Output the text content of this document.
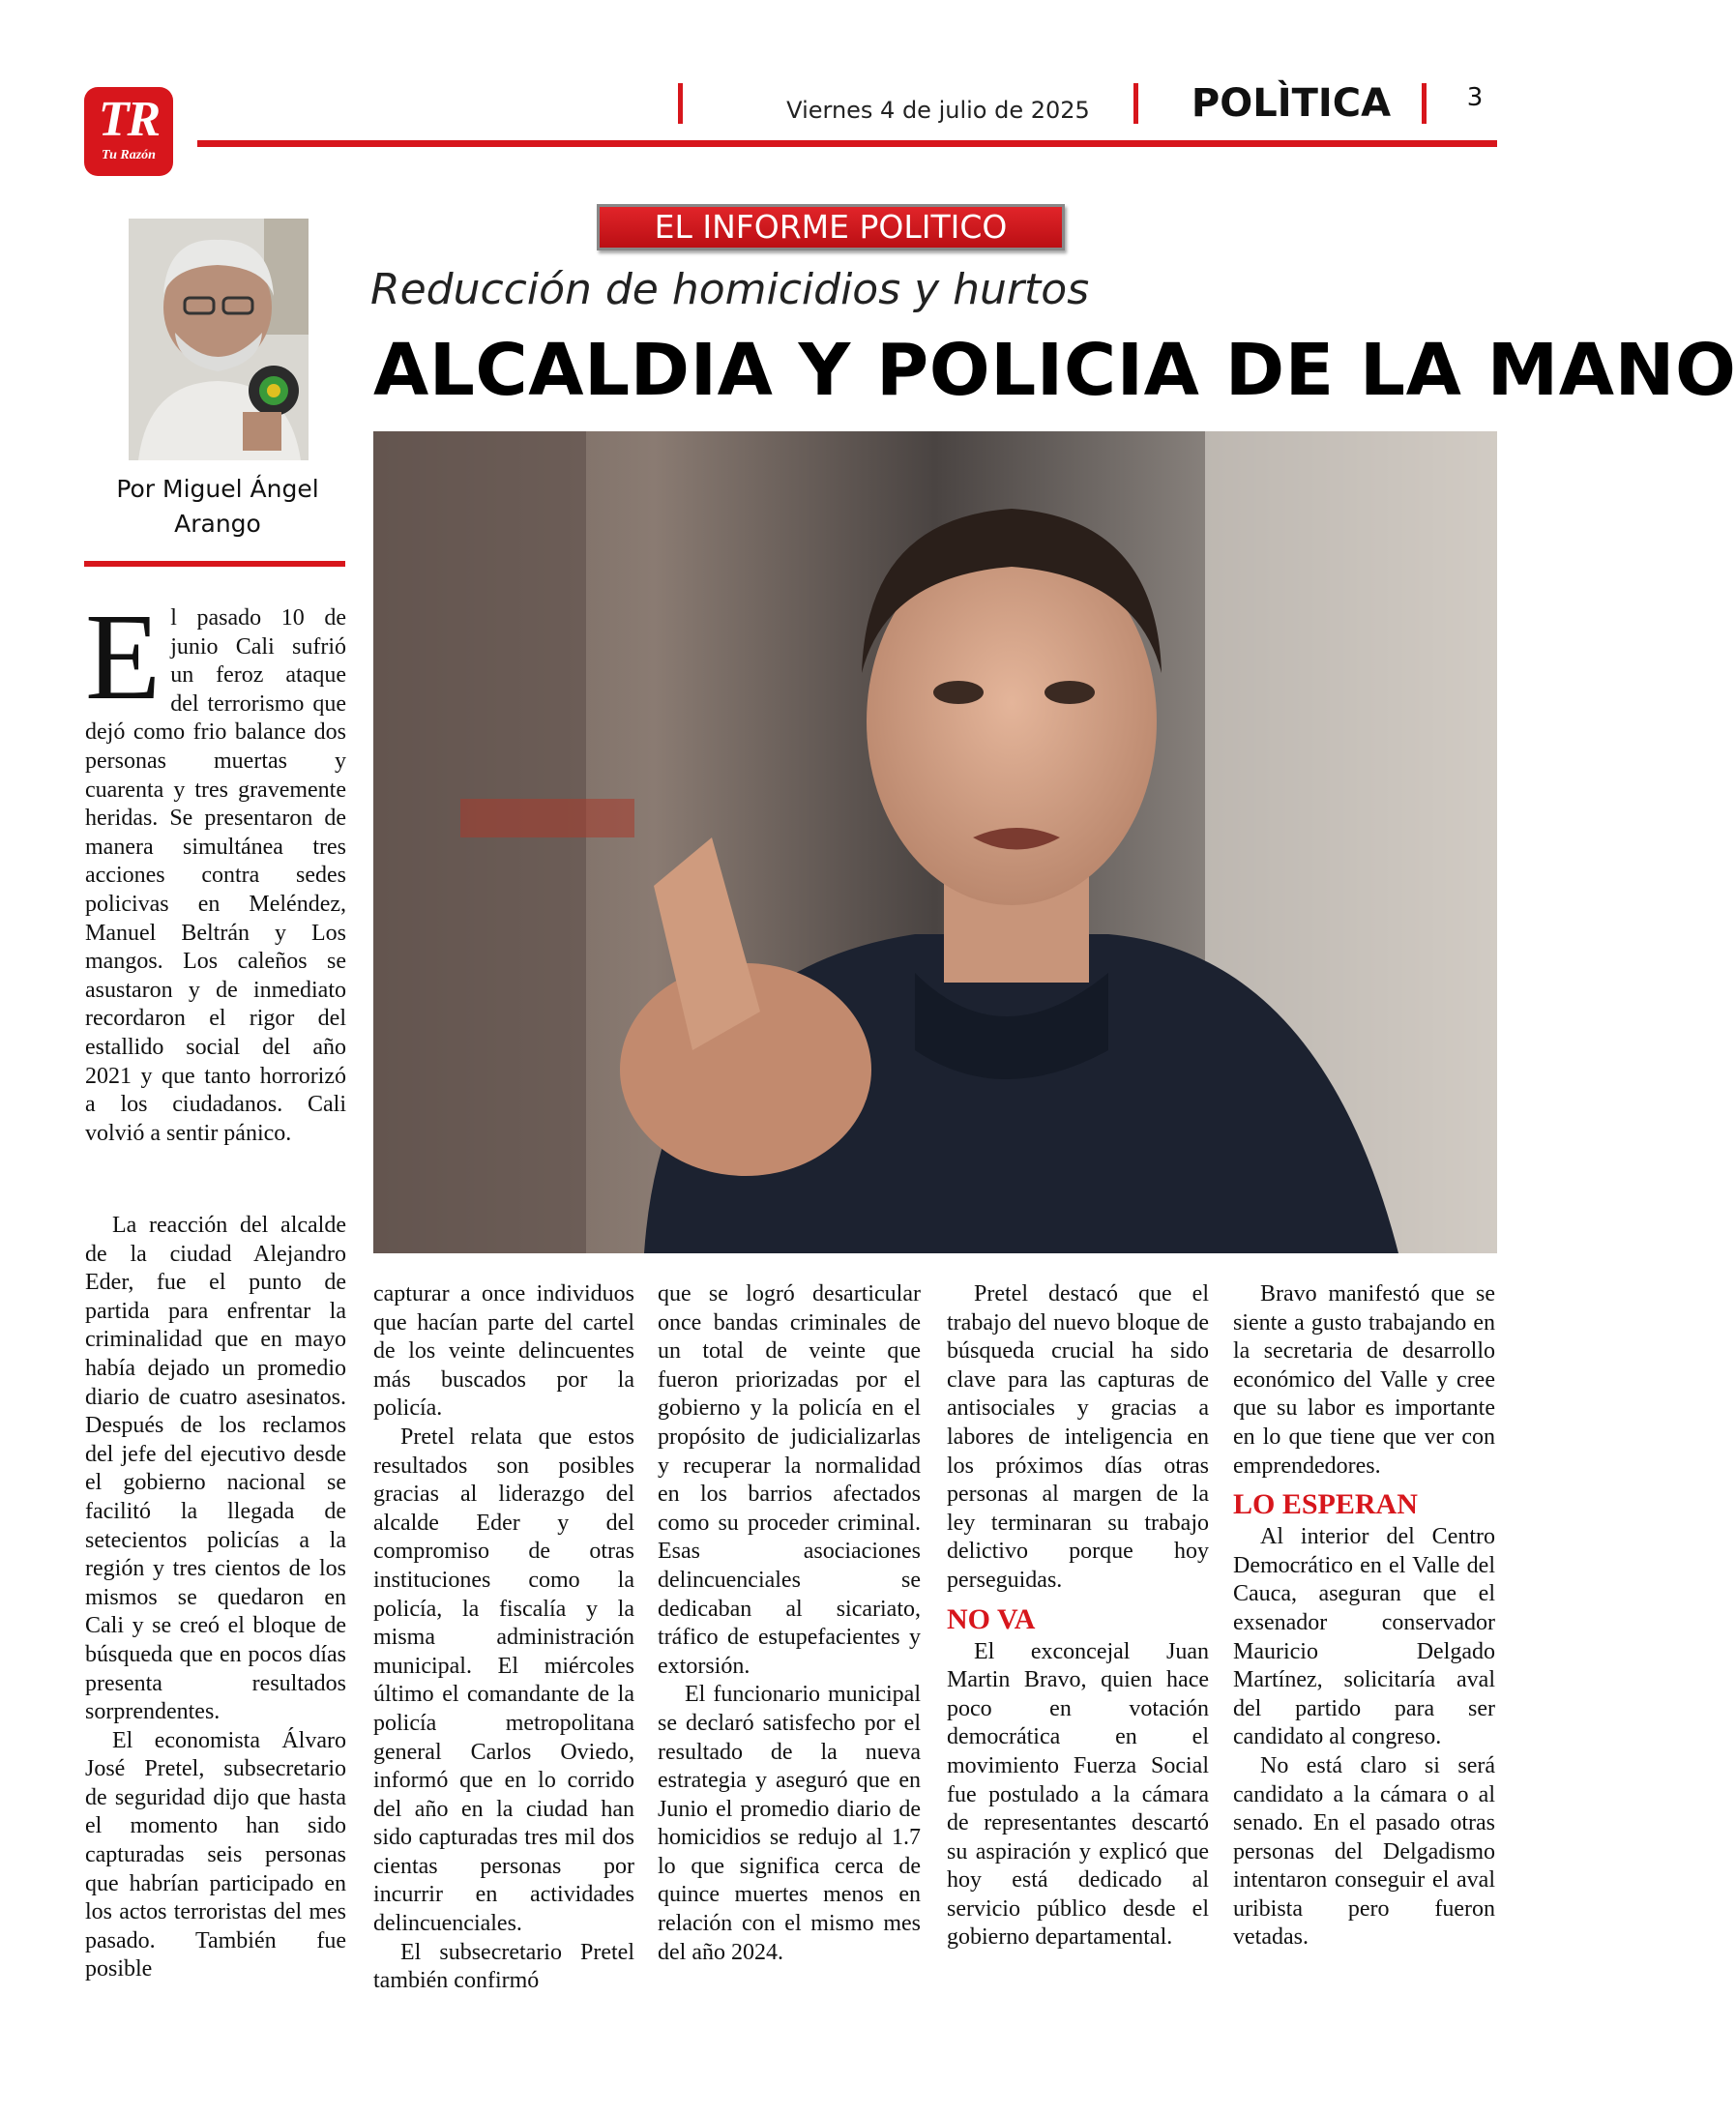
TR
Tu Razón
Viernes 4 de julio de 2025	POLÌTICA	3
Por Miguel Ángel Arango
EL INFORME POLITICO
Reducción de homicidios y hurtos
ALCALDIA Y POLICIA DE LA MANO
E l pasado 10 de junio Cali sufrió un feroz ataque del terrorismo que dejó como frio balance dos personas muertas y cuarenta y tres gravemente heridas. Se presentaron de manera simultánea tres acciones contra sedes policivas en Meléndez, Manuel Beltrán y Los mangos. Los caleños se asustaron y de inmediato recordaron el rigor del estallido social del año 2021 y que tanto horrorizó a los ciudadanos. Cali volvió a sentir pánico.

La reacción del alcalde de la ciudad Alejandro Eder, fue el punto de partida para enfrentar la criminalidad que en mayo había dejado un promedio diario de cuatro asesinatos. Después de los reclamos del jefe del ejecutivo desde el gobierno nacional se facilitó la llegada de setecientos policías a la región y tres cientos de los mismos se quedaron en Cali y se creó el bloque de búsqueda que en pocos días presenta resultados sorprendentes.

El economista Álvaro José Pretel, subsecretario de seguridad dijo que hasta el momento han sido capturadas seis personas que habrían participado en los actos terroristas del mes pasado. También fue posible

capturar a once individuos que hacían parte del cartel de los veinte delincuentes más buscados por la policía.

Pretel relata que estos resultados son posibles gracias al liderazgo del alcalde Eder y del compromiso de otras instituciones como la policía, la fiscalía y la misma administración municipal. El miércoles último el comandante de la policía metropolitana general Carlos Oviedo, informó que en lo corrido del año en la ciudad han sido capturadas tres mil dos cientas personas por incurrir en actividades delincuenciales.

El subsecretario Pretel también confirmó

que se logró desarticular once bandas criminales de un total de veinte que fueron priorizadas por el gobierno y la policía en el propósito de judicializarlas y recuperar la normalidad en los barrios afectados como su proceder criminal. Esas asociaciones delincuenciales se dedicaban al sicariato, tráfico de estupefacientes y extorsión.

El funcionario municipal se declaró satisfecho por el resultado de la nueva estrategia y aseguró que en Junio el promedio diario de homicidios se redujo al 1.7 lo que significa cerca de quince muertes menos en relación con el mismo mes del año 2024.

Pretel destacó que el trabajo del nuevo bloque de búsqueda crucial ha sido clave para las capturas de antisociales y gracias a labores de inteligencia en los próximos días otras personas al margen de la ley terminaran su trabajo delictivo porque hoy perseguidas.

NO VA

El exconcejal Juan Martin Bravo, quien hace poco en votación democrática en el movimiento Fuerza Social fue postulado a la cámara de representantes descartó su aspiración y explicó que hoy está dedicado al servicio público desde el gobierno departamental.

Bravo manifestó que se siente a gusto trabajando en la secretaria de desarrollo económico del Valle y cree que su labor es importante en lo que tiene que ver con emprendedores.

LO ESPERAN

Al interior del Centro Democrático en el Valle del Cauca, aseguran que el exsenador conservador Mauricio Delgado Martínez, solicitaría aval del partido para ser candidato al congreso.

No está claro si será candidato a la cámara o al senado. En el pasado otras personas del Delgadismo intentaron conseguir el aval uribista pero fueron vetadas.
